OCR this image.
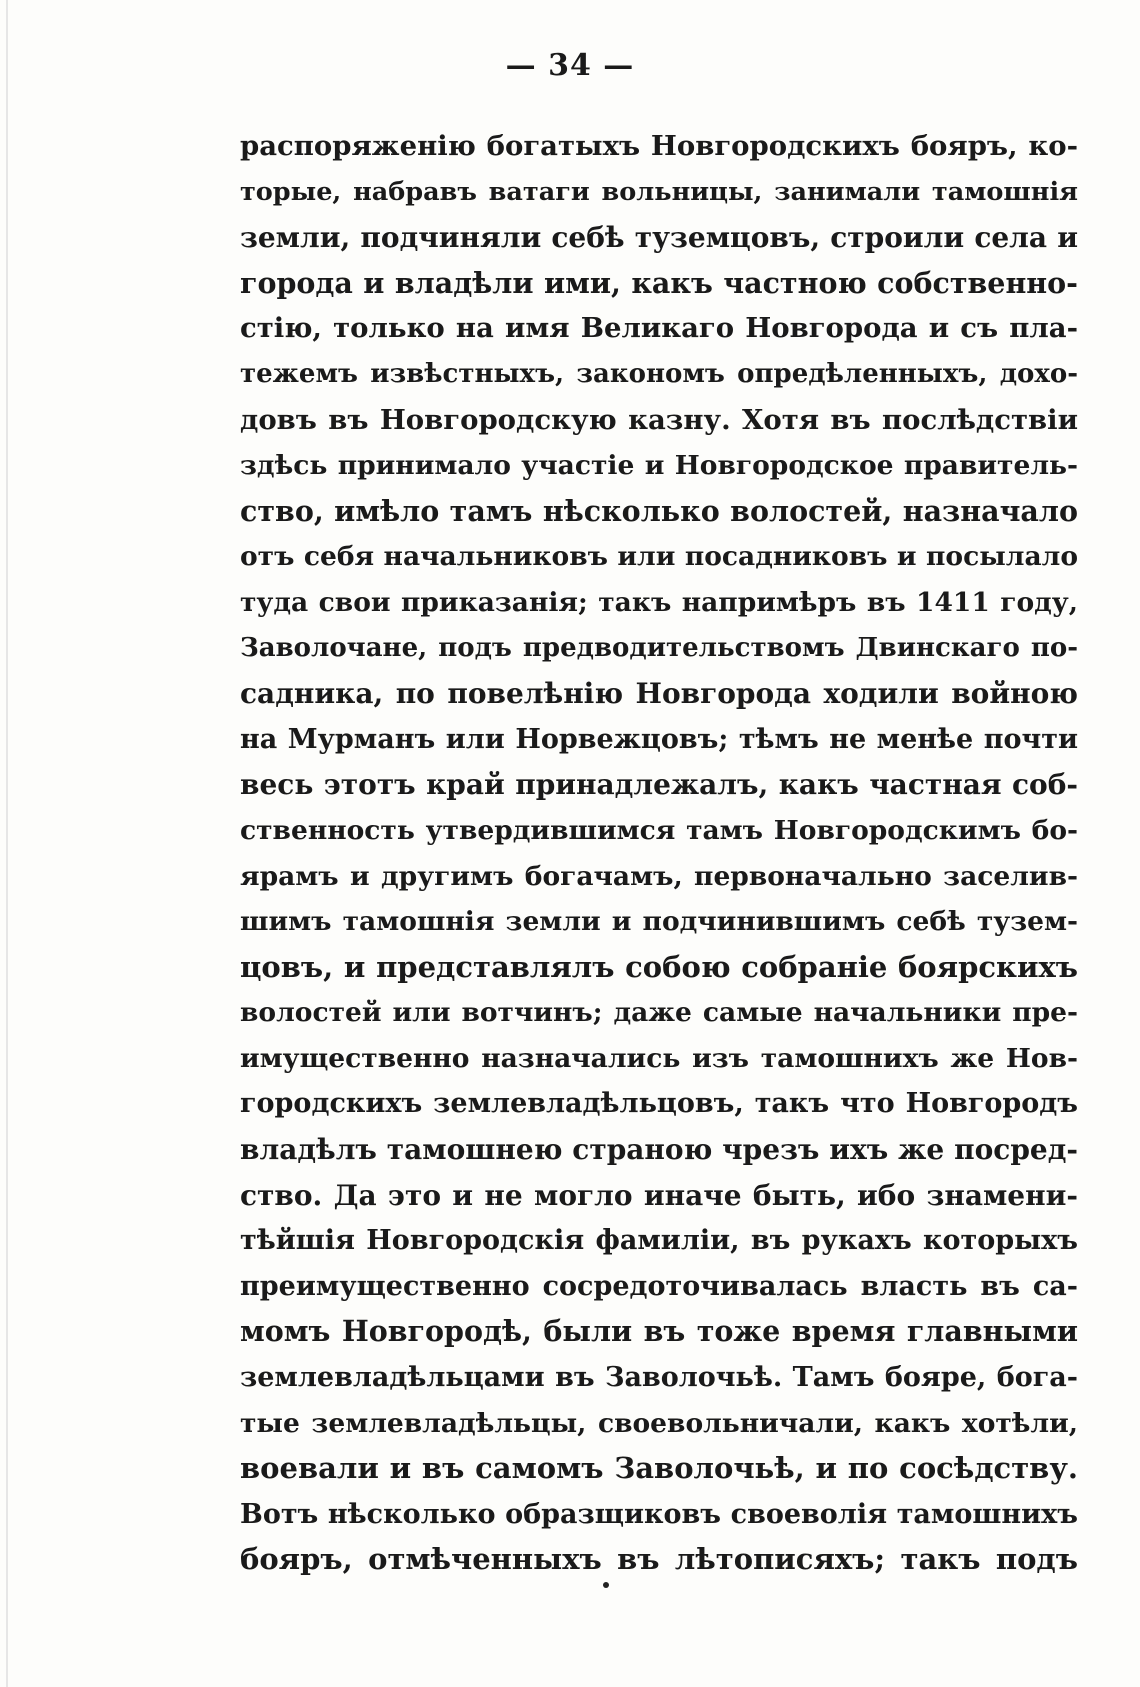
— 34 —
распоряженію богатыхъ Новгородскихъ бояръ, ко-
торые, набравъ ватаги вольницы, занимали тамошнія
земли, подчиняли себѣ туземцовъ, строили села и
города и владѣли ими, какъ частною собственно-
стію, только на имя Великаго Новгорода и съ пла-
тежемъ извѣстныхъ, закономъ опредѣленныхъ, дохо-
довъ въ Новгородскую казну. Хотя въ послѣдствіи
здѣсь принимало участіе и Новгородское правитель-
ство, имѣло тамъ нѣсколько волостей, назначало
отъ себя начальниковъ или посадниковъ и посылало
туда свои приказанія; такъ напримѣръ въ 1411 году,
Заволочане, подъ предводительствомъ Двинскаго по-
садника, по повелѣнію Новгорода ходили войною
на Мурманъ или Норвежцовъ; тѣмъ не менѣе почти
весь этотъ край принадлежалъ, какъ частная соб-
ственность утвердившимся тамъ Новгородскимъ бо-
ярамъ и другимъ богачамъ, первоначально заселив-
шимъ тамошнія земли и подчинившимъ себѣ тузем-
цовъ, и представлялъ собою собраніе боярскихъ
волостей или вотчинъ; даже самые начальники пре-
имущественно назначались изъ тамошнихъ же Нов-
городскихъ землевладѣльцовъ, такъ что Новгородъ
владѣлъ тамошнею страною чрезъ ихъ же посред-
ство. Да это и не могло иначе быть, ибо знамени-
тѣйшія Новгородскія фамиліи, въ рукахъ которыхъ
преимущественно сосредоточивалась власть въ са-
момъ Новгородѣ, были въ тоже время главными
землевладѣльцами въ Заволочьѣ. Тамъ бояре, бога-
тые землевладѣльцы, своевольничали, какъ хотѣли,
воевали и въ самомъ Заволочьѣ, и по сосѣдству.
Вотъ нѣсколько образщиковъ своеволія тамошнихъ
бояръ, отмѣченныхъ въ лѣтописяхъ; такъ подъ
